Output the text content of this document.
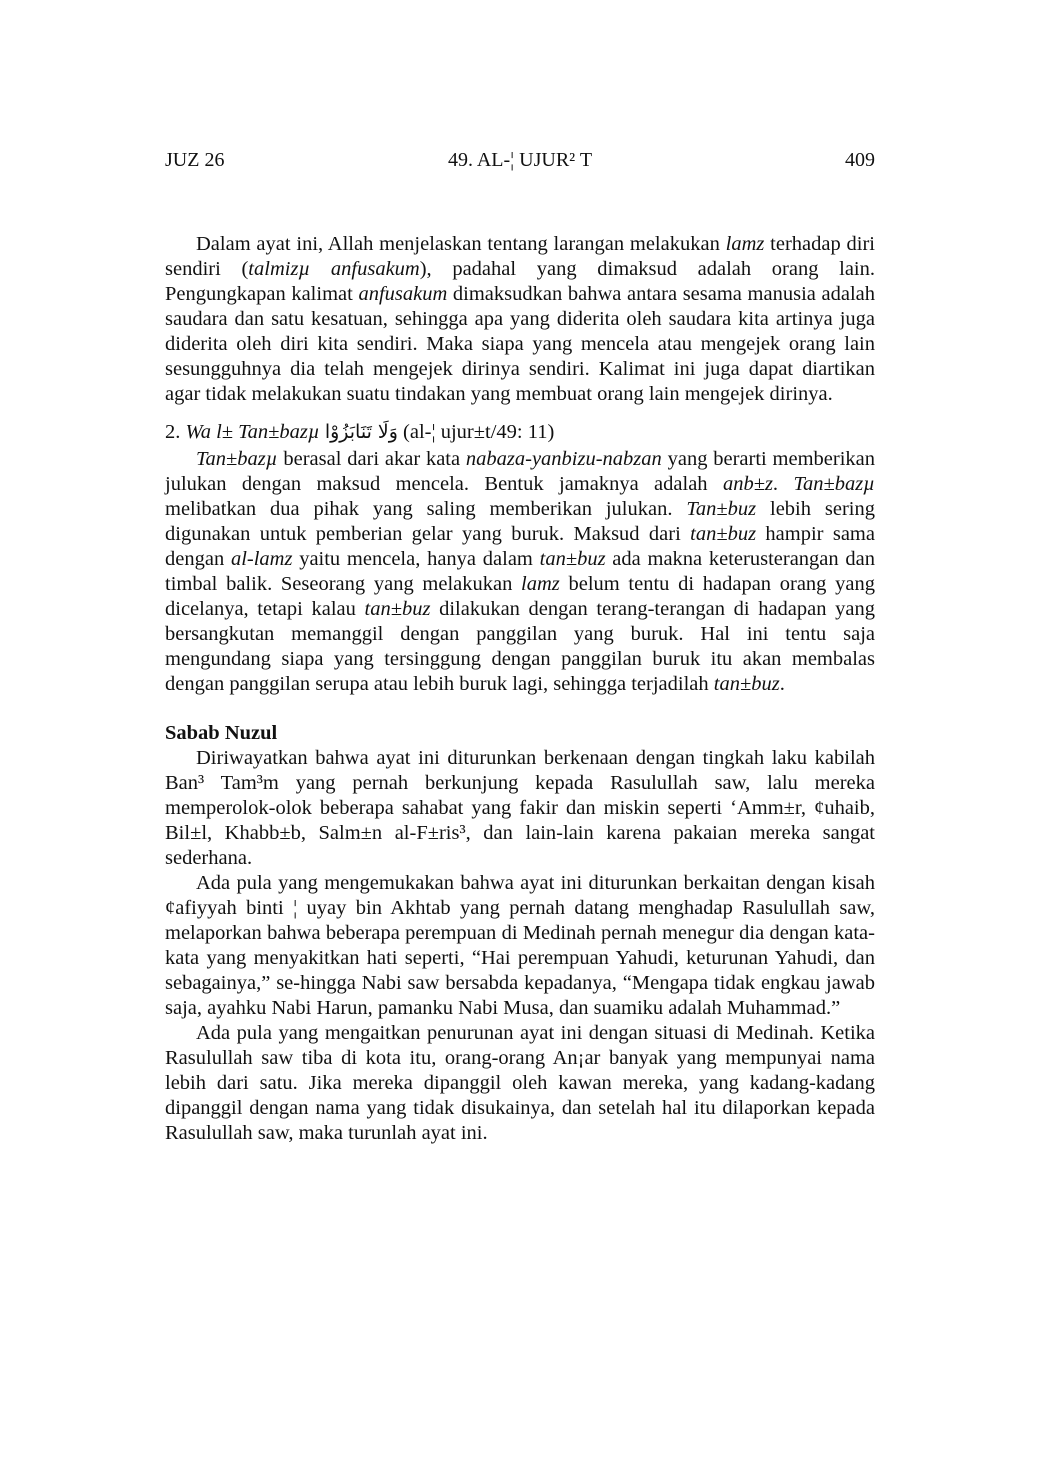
JUZ 26	49. AL-¦ UJUR² T	409

Dalam ayat ini, Allah menjelaskan tentang larangan melakukan lamz terhadap diri sendiri (talmizµ anfusakum), padahal yang dimaksud adalah orang lain. Pengungkapan kalimat anfusakum dimaksudkan bahwa antara sesama manusia adalah saudara dan satu kesatuan, sehingga apa yang diderita oleh saudara kita artinya juga diderita oleh diri kita sendiri. Maka siapa yang mencela atau mengejek orang lain sesungguhnya dia telah mengejek dirinya sendiri. Kalimat ini juga dapat diartikan agar tidak melakukan suatu tindakan yang membuat orang lain mengejek dirinya.

2. Wa l± Tan±bazµ وَلَا تَنَابَزُوْا (al-¦ ujur±t/49: 11)

Tan±bazµ berasal dari akar kata nabaza-yanbizu-nabzan yang berarti memberikan julukan dengan maksud mencela. Bentuk jamaknya adalah anb±z. Tan±bazµ melibatkan dua pihak yang saling memberikan julukan. Tan±buz lebih sering digunakan untuk pemberian gelar yang buruk. Maksud dari tan±buz hampir sama dengan al-lamz yaitu mencela, hanya dalam tan±buz ada makna keterusterangan dan timbal balik. Seseorang yang melakukan lamz belum tentu di hadapan orang yang dicelanya, tetapi kalau tan±buz dilakukan dengan terang-terangan di hadapan yang bersangkutan memanggil dengan panggilan yang buruk. Hal ini tentu saja mengundang siapa yang tersinggung dengan panggilan buruk itu akan membalas dengan panggilan serupa atau lebih buruk lagi, sehingga terjadilah tan±buz.

Sabab Nuzul

Diriwayatkan bahwa ayat ini diturunkan berkenaan dengan tingkah laku kabilah Ban³ Tam³m yang pernah berkunjung kepada Rasulullah saw, lalu mereka memperolok-olok beberapa sahabat yang fakir dan miskin seperti ‘Amm±r, ¢uhaib, Bil±l, Khabb±b, Salm±n al-F±ris³, dan lain-lain karena pakaian mereka sangat sederhana.

Ada pula yang mengemukakan bahwa ayat ini diturunkan berkaitan dengan kisah ¢afiyyah binti ¦ uyay bin Akhtab yang pernah datang menghadap Rasulullah saw, melaporkan bahwa beberapa perempuan di Medinah pernah menegur dia dengan kata-kata yang menyakitkan hati seperti, “Hai perempuan Yahudi, keturunan Yahudi, dan sebagainya,” se-hingga Nabi saw bersabda kepadanya, “Mengapa tidak engkau jawab saja, ayahku Nabi Harun, pamanku Nabi Musa, dan suamiku adalah Muhammad.”

Ada pula yang mengaitkan penurunan ayat ini dengan situasi di Medinah. Ketika Rasulullah saw tiba di kota itu, orang-orang An¡ar banyak yang mempunyai nama lebih dari satu. Jika mereka dipanggil oleh kawan mereka, yang kadang-kadang dipanggil dengan nama yang tidak disukainya, dan setelah hal itu dilaporkan kepada Rasulullah saw, maka turunlah ayat ini.
